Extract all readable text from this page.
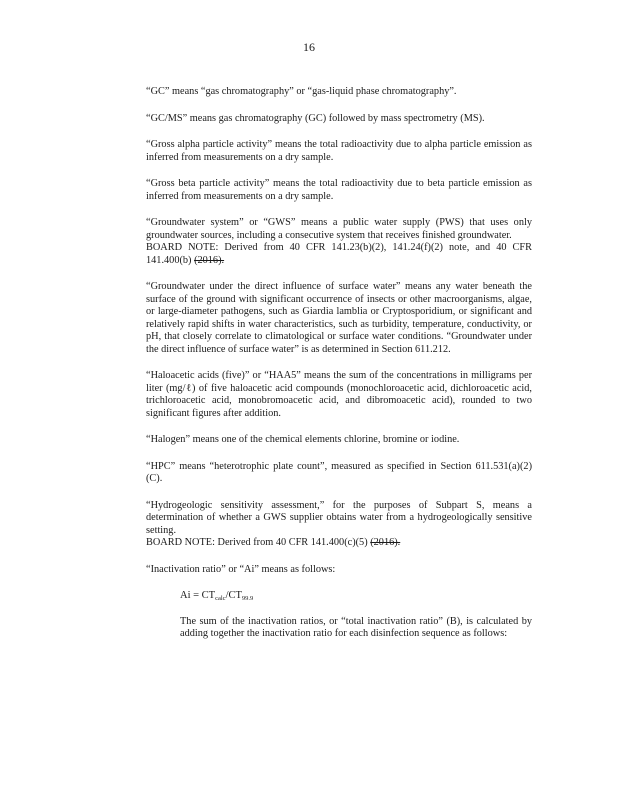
16

“GC” means “gas chromatography” or “gas-liquid phase chromatography”.

“GC/MS” means gas chromatography (GC) followed by mass spectrometry (MS).

“Gross alpha particle activity” means the total radioactivity due to alpha particle emission as inferred from measurements on a dry sample.

“Gross beta particle activity” means the total radioactivity due to beta particle emission as inferred from measurements on a dry sample.

“Groundwater system” or “GWS” means a public water supply (PWS) that uses only groundwater sources, including a consecutive system that receives finished groundwater.
BOARD NOTE: Derived from 40 CFR 141.23(b)(2), 141.24(f)(2) note, and 40 CFR 141.400(b) (2016).

“Groundwater under the direct influence of surface water” means any water beneath the surface of the ground with significant occurrence of insects or other macroorganisms, algae, or large-diameter pathogens, such as Giardia lamblia or Cryptosporidium, or significant and relatively rapid shifts in water characteristics, such as turbidity, temperature, conductivity, or pH, that closely correlate to climatological or surface water conditions. “Groundwater under the direct influence of surface water” is as determined in Section 611.212.

“Haloacetic acids (five)” or “HAA5” means the sum of the concentrations in milligrams per liter (mg/ℓ) of five haloacetic acid compounds (monochloroacetic acid, dichloroacetic acid, trichloroacetic acid, monobromoacetic acid, and dibromoacetic acid), rounded to two significant figures after addition.

“Halogen” means one of the chemical elements chlorine, bromine or iodine.

“HPC” means “heterotrophic plate count”, measured as specified in Section 611.531(a)(2)(C).

“Hydrogeologic sensitivity assessment,” for the purposes of Subpart S, means a determination of whether a GWS supplier obtains water from a hydrogeologically sensitive setting.
BOARD NOTE: Derived from 40 CFR 141.400(c)(5) (2016).

“Inactivation ratio” or “Ai” means as follows:

$Ai = CT_{calc}/CT_{99.9}$

The sum of the inactivation ratios, or “total inactivation ratio” (B), is calculated by adding together the inactivation ratio for each disinfection sequence as follows:
